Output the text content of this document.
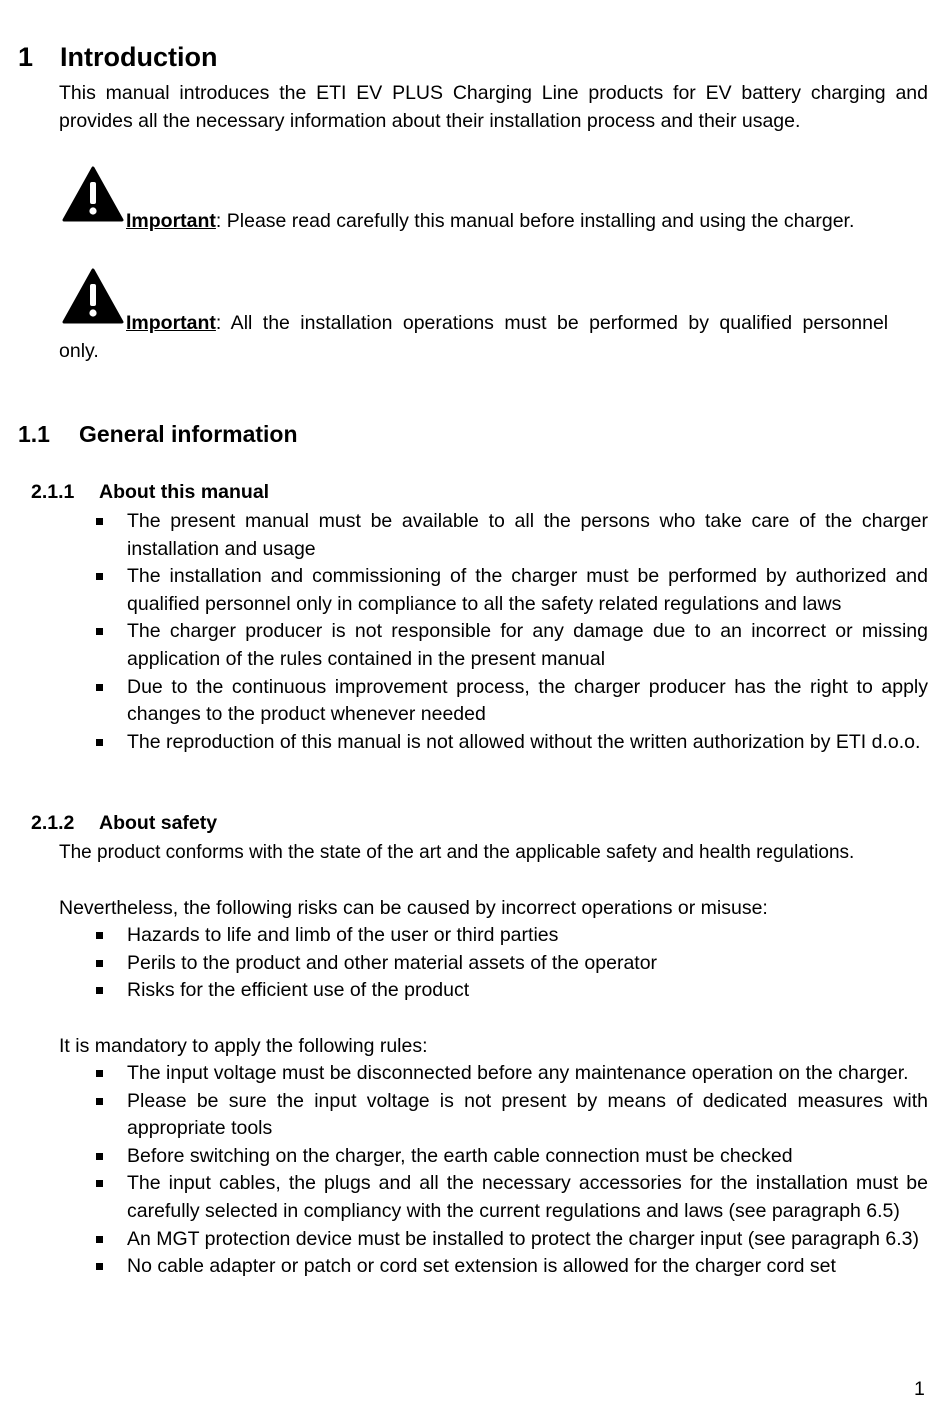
1 Introduction
This manual introduces the ETI EV PLUS Charging Line products for EV battery charging and provides all the necessary information about their installation process and their usage.
Important: Please read carefully this manual before installing and using the charger.
Important: All the installation operations must be performed by qualified personnel
only.
1.1 General information
2.1.1 About this manual
The present manual must be available to all the persons who take care of the charger installation and usage
The installation and commissioning of the charger must be performed by authorized and qualified personnel only in compliance to all the safety related regulations and laws
The charger producer is not responsible for any damage due to an incorrect or missing application of the rules contained in the present manual
Due to the continuous improvement process, the charger producer has the right to apply changes to the product whenever needed
The reproduction of this manual is not allowed without the written authorization by ETI d.o.o.
2.1.2 About safety
The product conforms with the state of the art and the applicable safety and health regulations.
Nevertheless, the following risks can be caused by incorrect operations or misuse:
Hazards to life and limb of the user or third parties
Perils to the product and other material assets of the operator
Risks for the efficient use of the product
It is mandatory to apply the following rules:
The input voltage must be disconnected before any maintenance operation on the charger.
Please be sure the input voltage is not present by means of dedicated measures with appropriate tools
Before switching on the charger, the earth cable connection must be checked
The input cables, the plugs and all the necessary accessories for the installation must be carefully selected in compliancy with the current regulations and laws (see paragraph 6.5)
An MGT protection device must be installed to protect the charger input (see paragraph 6.3)
No cable adapter or patch or cord set extension is allowed for the charger cord set
1
